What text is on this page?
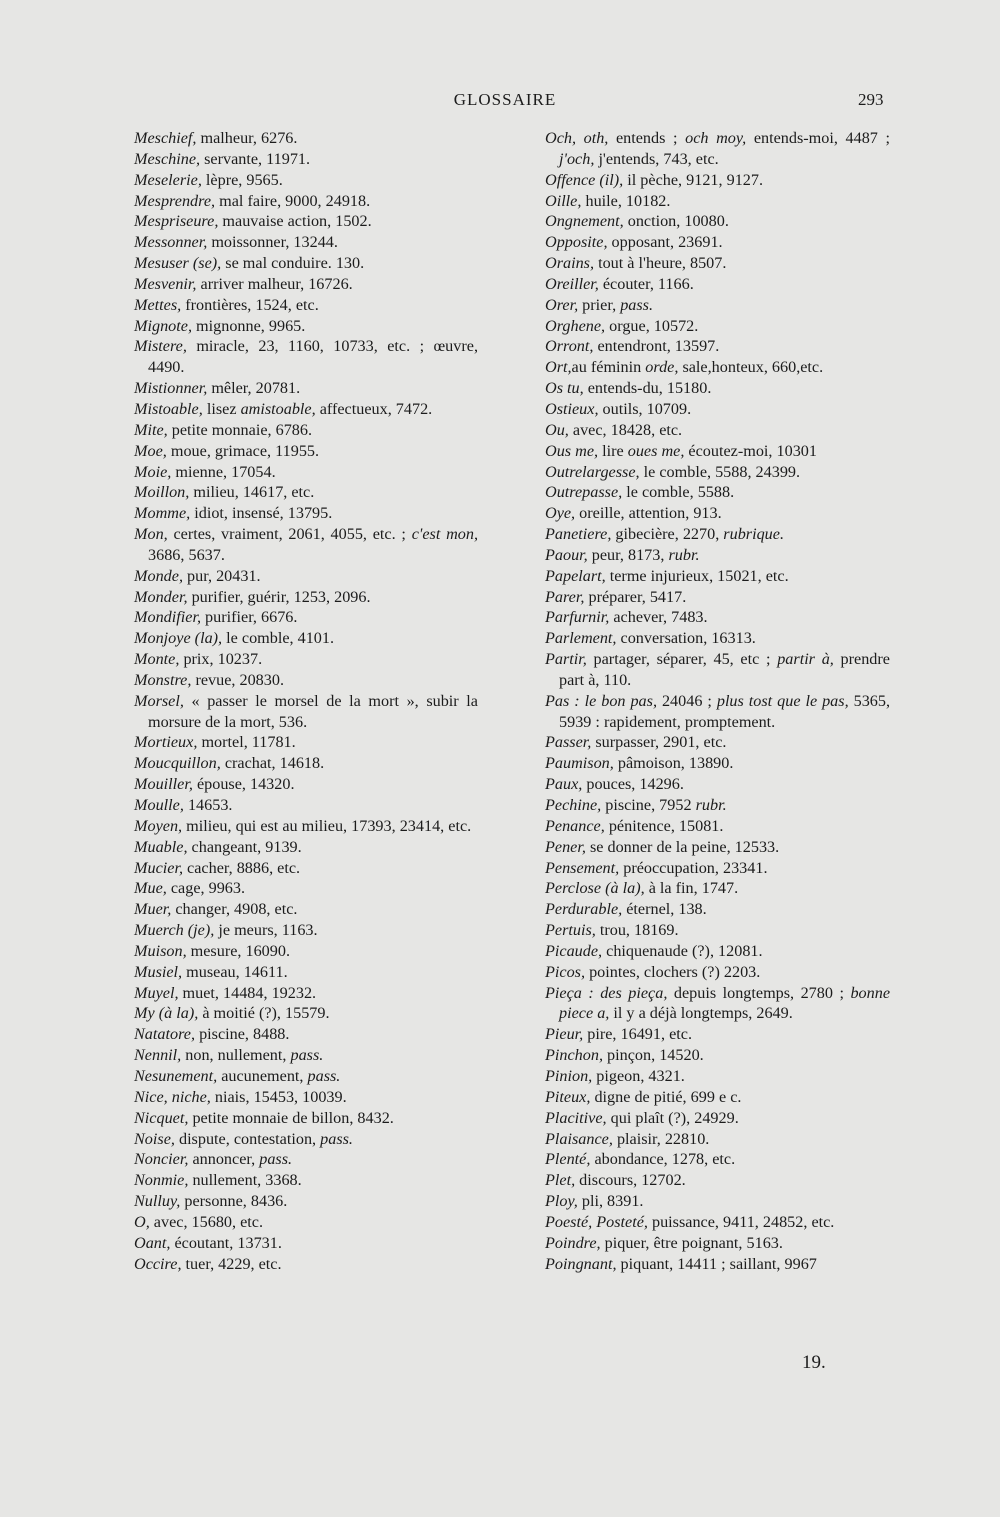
GLOSSAIRE	293

Meschief, malheur, 6276.

Meschine, servante, 11971.

Meselerie, lèpre, 9565.

Mesprendre, mal faire, 9000, 24918.

Mespriseure, mauvaise action, 1502.

Messonner, moissonner, 13244.

Mesuser (se), se mal conduire. 130.

Mesvenir, arriver malheur, 16726.

Mettes, frontières, 1524, etc.

Mignote, mignonne, 9965.

Mistere, miracle, 23, 1160, 10733, etc. ; œuvre, 4490.

Mistionner, mêler, 20781.

Mistoable, lisez amistoable, affectueux, 7472.

Mite, petite monnaie, 6786.

Moe, moue, grimace, 11955.

Moie, mienne, 17054.

Moillon, milieu, 14617, etc.

Momme, idiot, insensé, 13795.

Mon, certes, vraiment, 2061, 4055, etc. ; c'est mon, 3686, 5637.

Monde, pur, 20431.

Monder, purifier, guérir, 1253, 2096.

Mondifier, purifier, 6676.

Monjoye (la), le comble, 4101.

Monte, prix, 10237.

Monstre, revue, 20830.

Morsel, « passer le morsel de la mort », subir la morsure de la mort, 536.

Mortieux, mortel, 11781.

Moucquillon, crachat, 14618.

Mouiller, épouse, 14320.

Moulle, 14653.

Moyen, milieu, qui est au milieu, 17393, 23414, etc.

Muable, changeant, 9139.

Mucier, cacher, 8886, etc.

Mue, cage, 9963.

Muer, changer, 4908, etc.

Muerch (je), je meurs, 1163.

Muison, mesure, 16090.

Musiel, museau, 14611.

Muyel, muet, 14484, 19232.

My (à la), à moitié (?), 15579.

Natatore, piscine, 8488.

Nennil, non, nullement, pass.

Nesunement, aucunement, pass.

Nice, niche, niais, 15453, 10039.

Nicquet, petite monnaie de billon, 8432.

Noise, dispute, contestation, pass.

Noncier, annoncer, pass.

Nonmie, nullement, 3368.

Nulluy, personne, 8436.

O, avec, 15680, etc.

Oant, écoutant, 13731.

Occire, tuer, 4229, etc.

Och, oth, entends ; och moy, entends-moi, 4487 ; j'och, j'entends, 743, etc.

Offence (il), il pèche, 9121, 9127.

Oille, huile, 10182.

Ongnement, onction, 10080.

Opposite, opposant, 23691.

Orains, tout à l'heure, 8507.

Oreiller, écouter, 1166.

Orer, prier, pass.

Orghene, orgue, 10572.

Orront, entendront, 13597.

Ort,au féminin orde, sale,honteux, 660,etc.

Os tu, entends-du, 15180.

Ostieux, outils, 10709.

Ou, avec, 18428, etc.

Ous me, lire oues me, écoutez-moi, 10301

Outrelargesse, le comble, 5588, 24399.

Outrepasse, le comble, 5588.

Oye, oreille, attention, 913.

Panetiere, gibecière, 2270, rubrique.

Paour, peur, 8173, rubr.

Papelart, terme injurieux, 15021, etc.

Parer, préparer, 5417.

Parfurnir, achever, 7483.

Parlement, conversation, 16313.

Partir, partager, séparer, 45, etc ; partir à, prendre part à, 110.

Pas : le bon pas, 24046 ; plus tost que le pas, 5365, 5939 : rapidement, promptement.

Passer, surpasser, 2901, etc.

Paumison, pâmoison, 13890.

Paux, pouces, 14296.

Pechine, piscine, 7952 rubr.

Penance, pénitence, 15081.

Pener, se donner de la peine, 12533.

Pensement, préoccupation, 23341.

Perclose (à la), à la fin, 1747.

Perdurable, éternel, 138.

Pertuis, trou, 18169.

Picaude, chiquenaude (?), 12081.

Picos, pointes, clochers (?) 2203.

Pieça : des pieça, depuis longtemps, 2780 ; bonne piece a, il y a déjà longtemps, 2649.

Pieur, pire, 16491, etc.

Pinchon, pinçon, 14520.

Pinion, pigeon, 4321.

Piteux, digne de pitié, 699 e c.

Placitive, qui plaît (?), 24929.

Plaisance, plaisir, 22810.

Plenté, abondance, 1278, etc.

Plet, discours, 12702.

Ploy, pli, 8391.

Poesté, Posteté, puissance, 9411, 24852, etc.

Poindre, piquer, être poignant, 5163.

Poingnant, piquant, 14411 ; saillant, 9967

19.
